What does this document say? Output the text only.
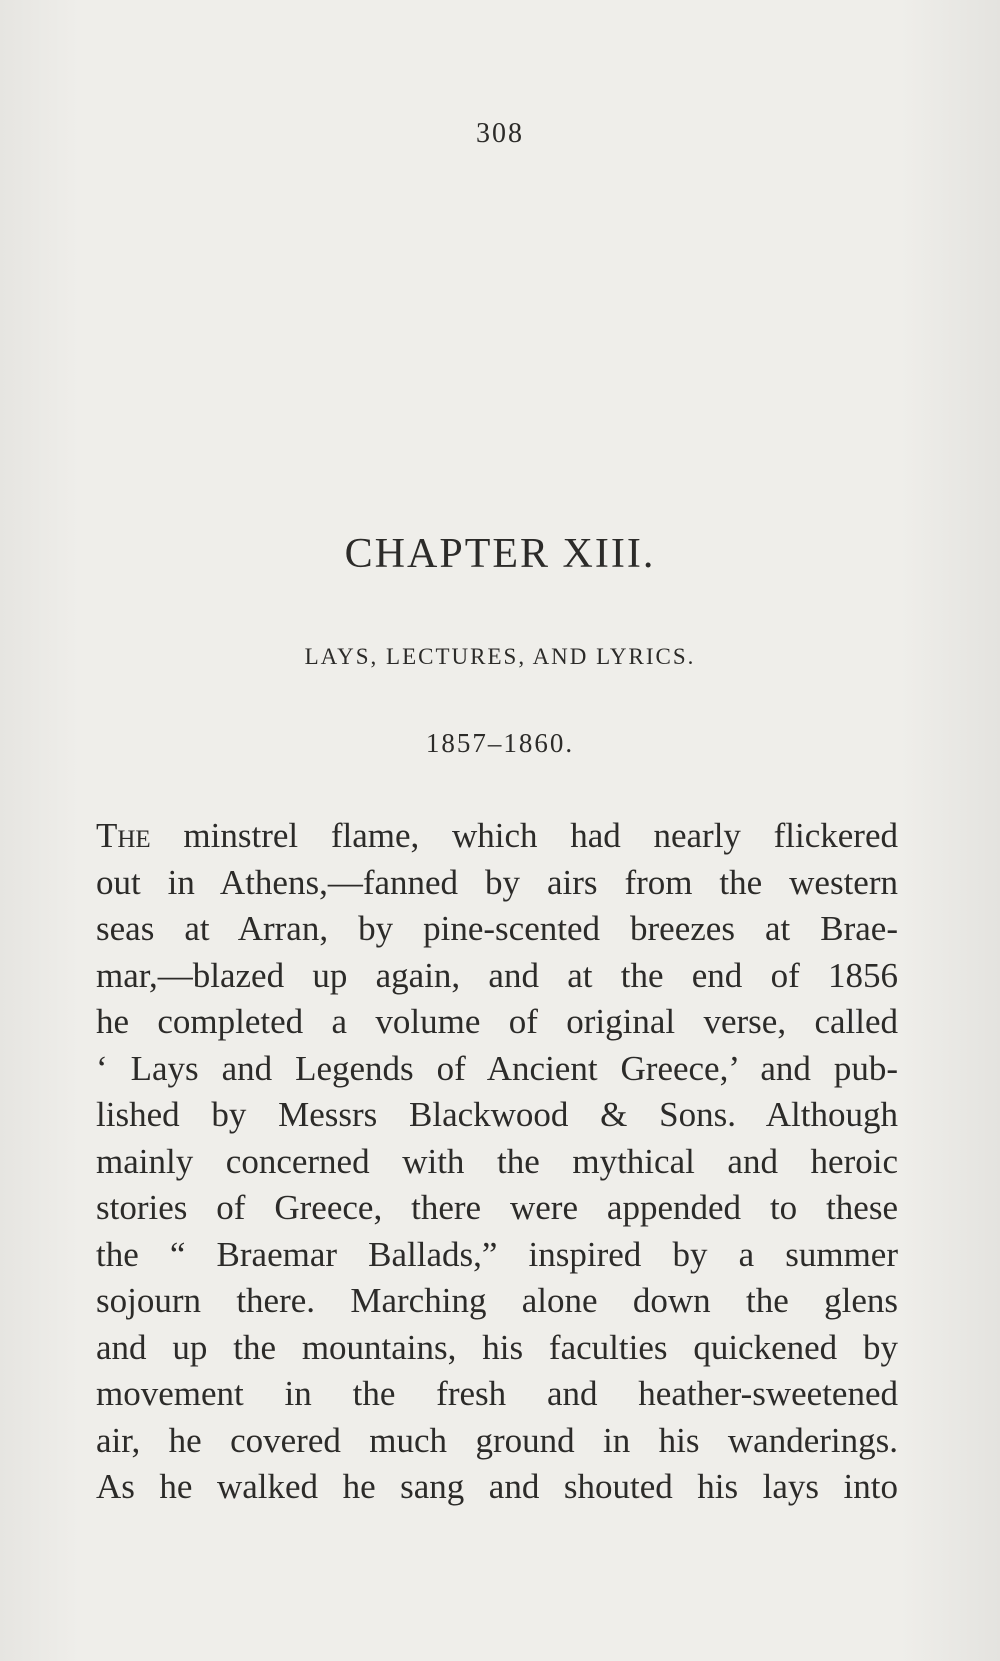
308
CHAPTER XIII.
LAYS, LECTURES, AND LYRICS.
1857–1860.
The minstrel flame, which had nearly flickered
out in Athens,—fanned by airs from the western
seas at Arran, by pine-scented breezes at Brae-
mar,—blazed up again, and at the end of 1856
he completed a volume of original verse, called
‘ Lays and Legends of Ancient Greece,’ and pub-
lished by Messrs Blackwood & Sons. Although
mainly concerned with the mythical and heroic
stories of Greece, there were appended to these
the “ Braemar Ballads,” inspired by a summer
sojourn there. Marching alone down the glens
and up the mountains, his faculties quickened by
movement in the fresh and heather-sweetened
air, he covered much ground in his wanderings.
As he walked he sang and shouted his lays into
